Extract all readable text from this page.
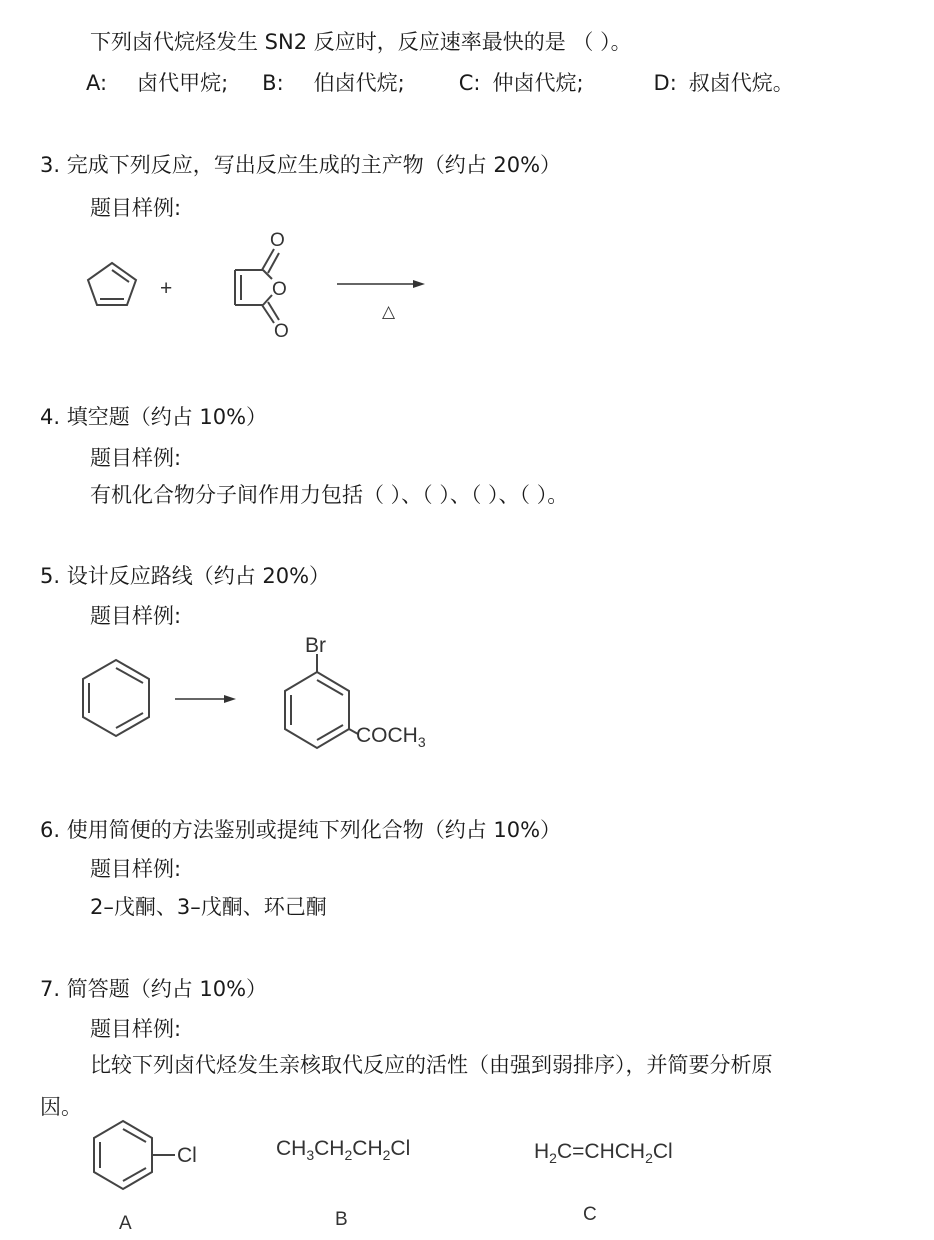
下列卤代烷烃发生 SN2 反应时，反应速率最快的是 （ ）。
A: 卤代甲烷; B: 伯卤代烷;	C: 仲卤代烷;	D: 叔卤代烷。
3. 完成下列反应，写出反应生成的主产物（约占 20%）
题目样例:
+
O
O
O
△
4. 填空题（约占 10%）
题目样例:
有机化合物分子间作用力包括（ ）、（ ）、（ ）、（ ）。
5. 设计反应路线（约占 20%）
题目样例:
Br
$COCH_3$
6. 使用简便的方法鉴别或提纯下列化合物（约占 10%）
题目样例:
2–戊酮、3–戊酮、环己酮
7. 简答题（约占 10%）
题目样例:
比较下列卤代烃发生亲核取代反应的活性（由强到弱排序），并简要分析原
因。
Cl	$CH_3CH_2CH_2Cl$	$H_2C=CHCH_2Cl$
A	B	C
